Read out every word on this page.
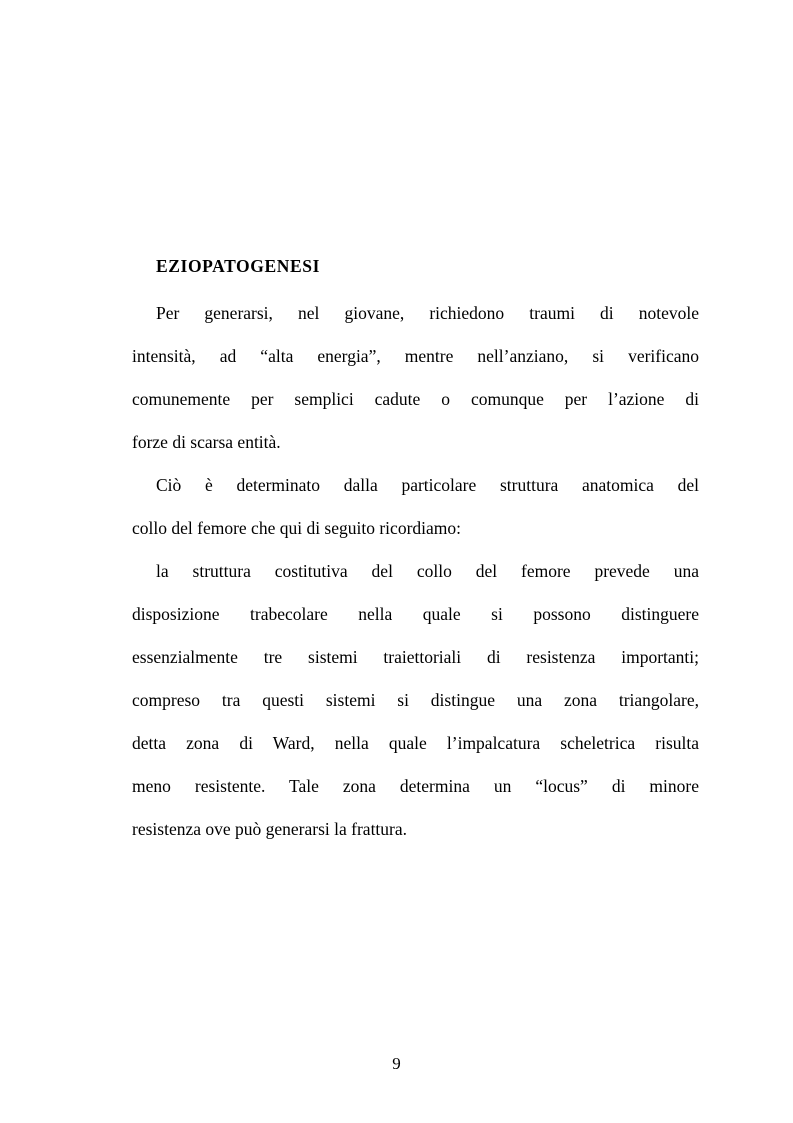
EZIOPATOGENESI
Per generarsi, nel giovane, richiedono traumi di notevole
intensità, ad “alta energia”, mentre nell’anziano, si verificano
comunemente per semplici cadute o comunque per l’azione di
forze di scarsa entità.
Ciò è determinato dalla particolare struttura anatomica del
collo del femore che qui di seguito ricordiamo:
la struttura costitutiva del collo del femore prevede una
disposizione trabecolare nella quale si possono distinguere
essenzialmente tre sistemi traiettoriali di resistenza importanti;
compreso tra questi sistemi si distingue una zona triangolare,
detta zona di Ward, nella quale l’impalcatura scheletrica risulta
meno resistente. Tale zona determina un “locus” di minore
resistenza ove può generarsi la frattura.
9
